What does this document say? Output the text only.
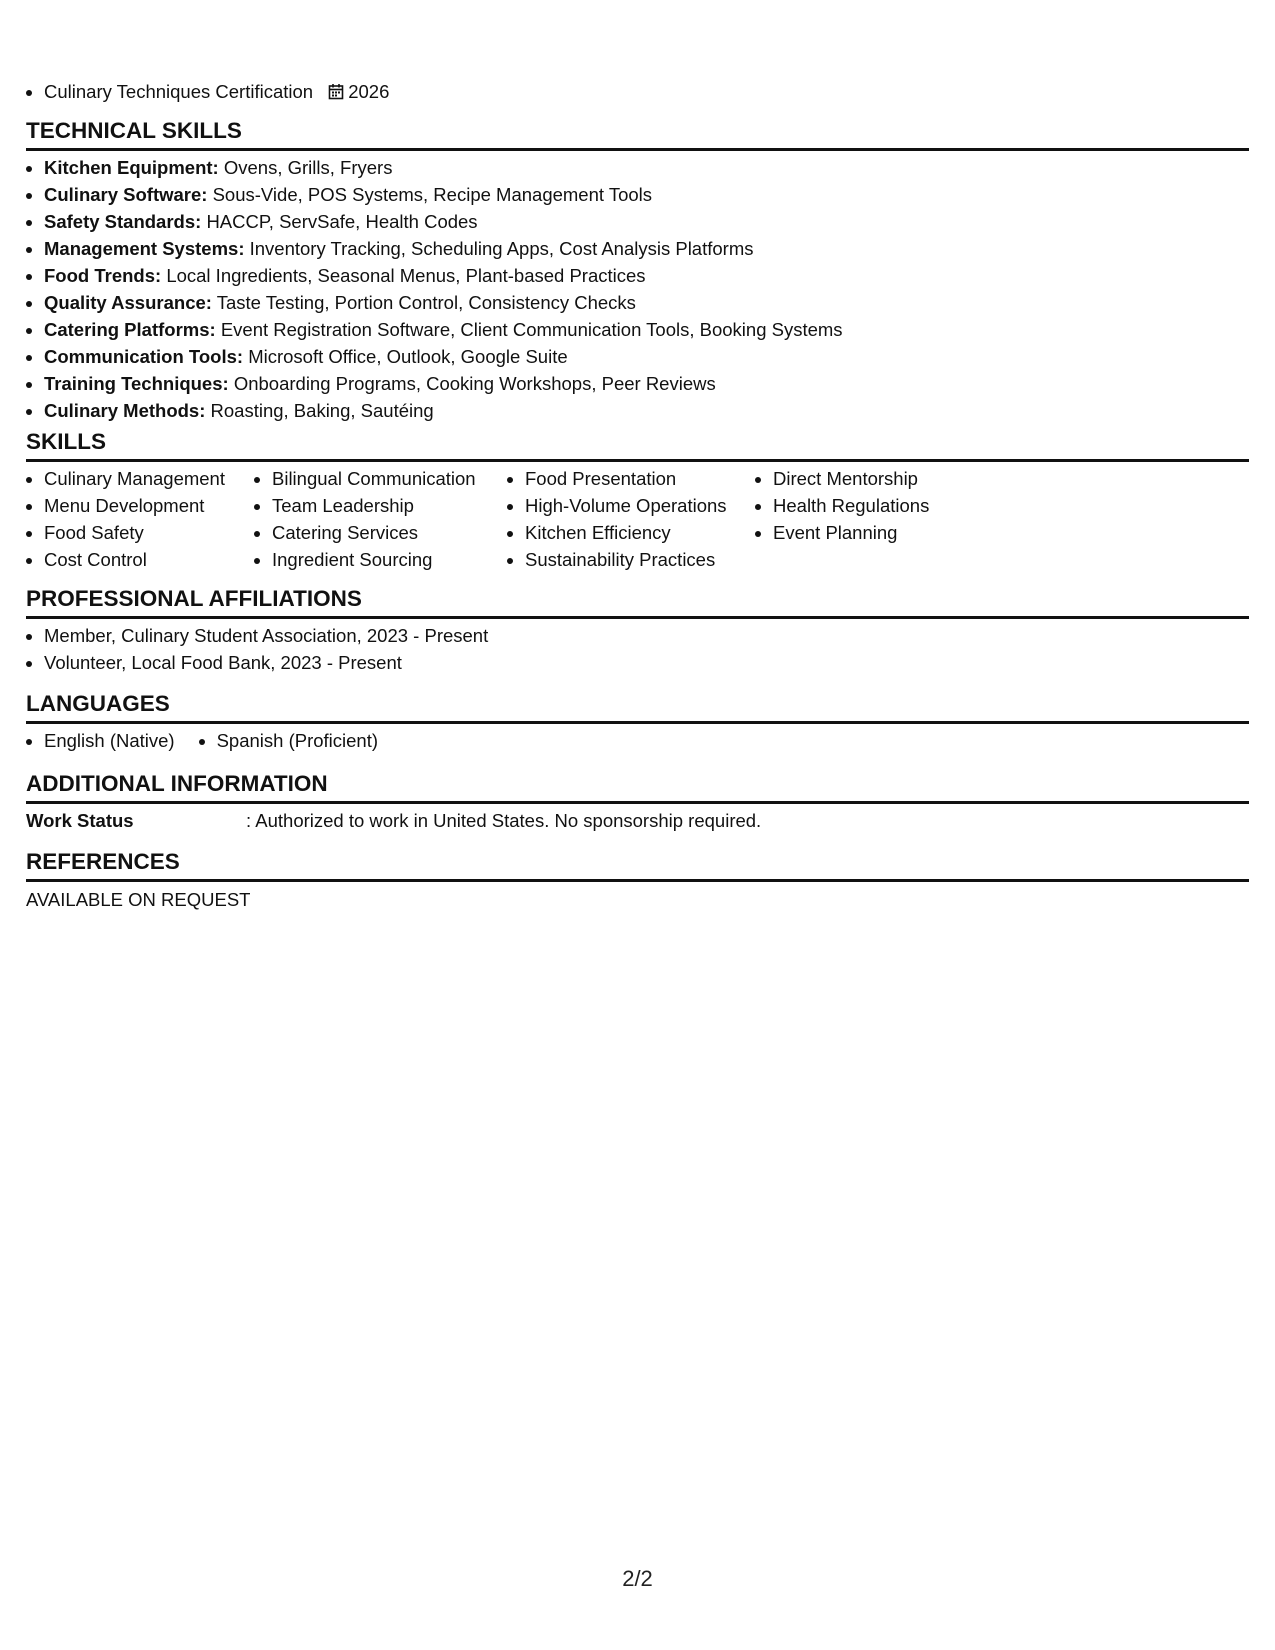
• Culinary Techniques Certification 2026
TECHNICAL SKILLS
• Kitchen Equipment: Ovens, Grills, Fryers
• Culinary Software: Sous-Vide, POS Systems, Recipe Management Tools
• Safety Standards: HACCP, ServSafe, Health Codes
• Management Systems: Inventory Tracking, Scheduling Apps, Cost Analysis Platforms
• Food Trends: Local Ingredients, Seasonal Menus, Plant-based Practices
• Quality Assurance: Taste Testing, Portion Control, Consistency Checks
• Catering Platforms: Event Registration Software, Client Communication Tools, Booking Systems
• Communication Tools: Microsoft Office, Outlook, Google Suite
• Training Techniques: Onboarding Programs, Cooking Workshops, Peer Reviews
• Culinary Methods: Roasting, Baking, Sautéing
SKILLS
• Culinary Management
• Menu Development
• Food Safety
• Cost Control
• Bilingual Communication
• Team Leadership
• Catering Services
• Ingredient Sourcing
• Food Presentation
• High-Volume Operations
• Kitchen Efficiency
• Sustainability Practices
• Direct Mentorship
• Health Regulations
• Event Planning
PROFESSIONAL AFFILIATIONS
• Member, Culinary Student Association, 2023 - Present
• Volunteer, Local Food Bank, 2023 - Present
LANGUAGES
• English (Native)
• Spanish (Proficient)
ADDITIONAL INFORMATION
Work Status	: Authorized to work in United States. No sponsorship required.
REFERENCES
AVAILABLE ON REQUEST
2/2
